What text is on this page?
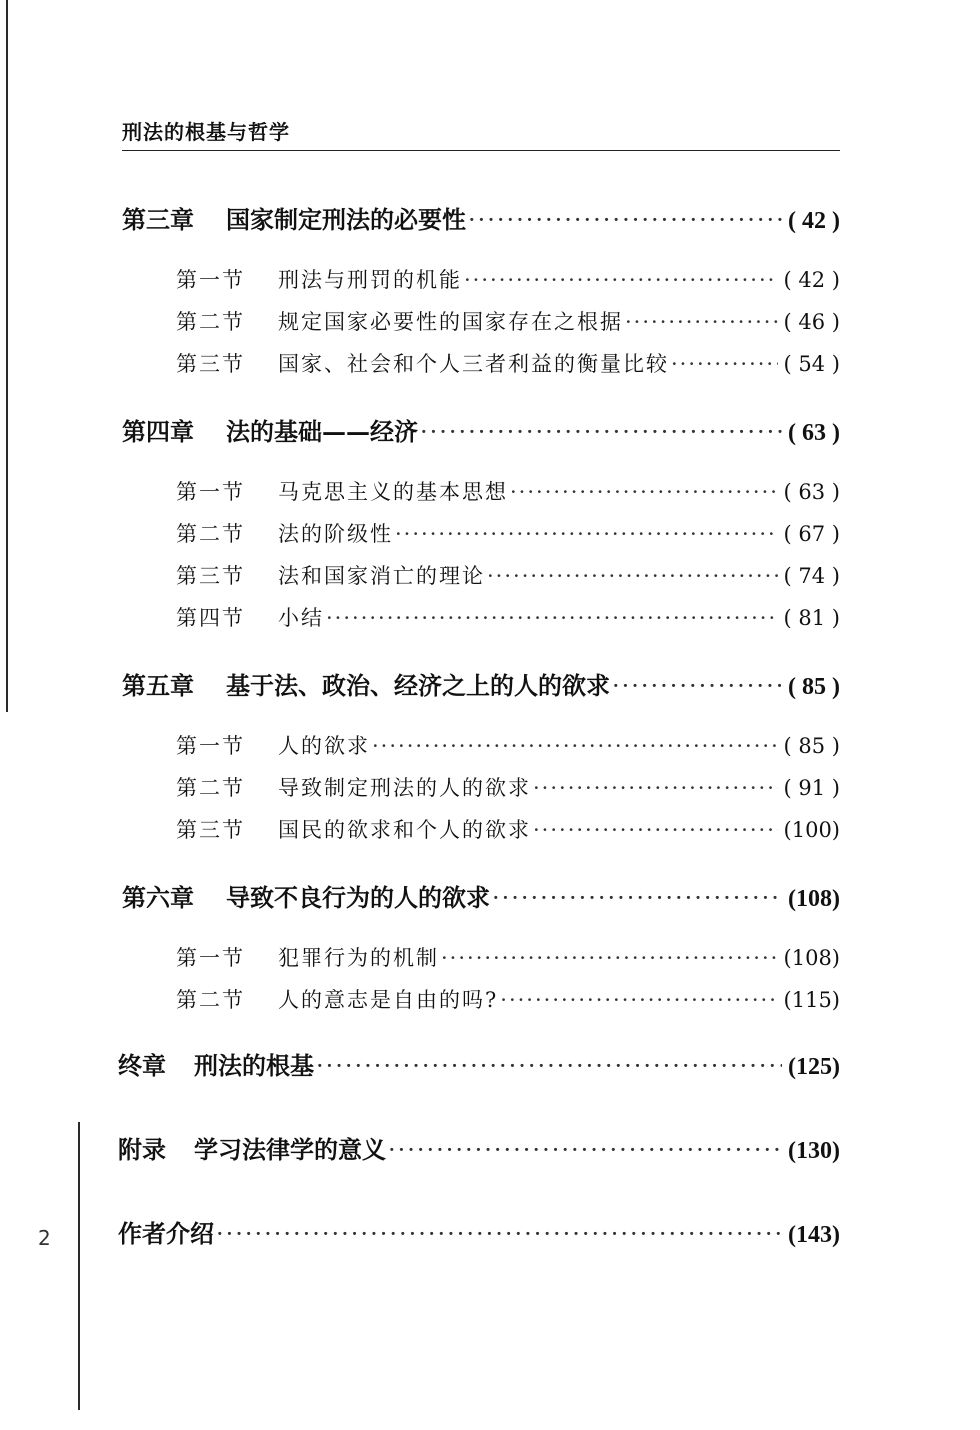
2
刑法的根基与哲学
第三章	国家制定刑法的必要性 ·····	( 42 )
第一节	刑法与刑罚的机能 ·····	( 42 )
第二节	规定国家必要性的国家存在之根据 ·····	( 46 )
第三节	国家、社会和个人三者利益的衡量比较 ·····	( 54 )
第四章	法的基础——经济 ·····	( 63 )
第一节	马克思主义的基本思想 ·····	( 63 )
第二节	法的阶级性 ·····	( 67 )
第三节	法和国家消亡的理论 ·····	( 74 )
第四节	小结 ·····	( 81 )
第五章	基于法、政治、经济之上的人的欲求 ·····	( 85 )
第一节	人的欲求 ·····	( 85 )
第二节	导致制定刑法的人的欲求 ·····	( 91 )
第三节	国民的欲求和个人的欲求 ·····	(100)
第六章	导致不良行为的人的欲求 ·····	(108)
第一节	犯罪行为的机制 ·····	(108)
第二节	人的意志是自由的吗? ·····	(115)
终章	刑法的根基 ·····	(125)
附录	学习法律学的意义 ·····	(130)
作者介绍 ·····	(143)
